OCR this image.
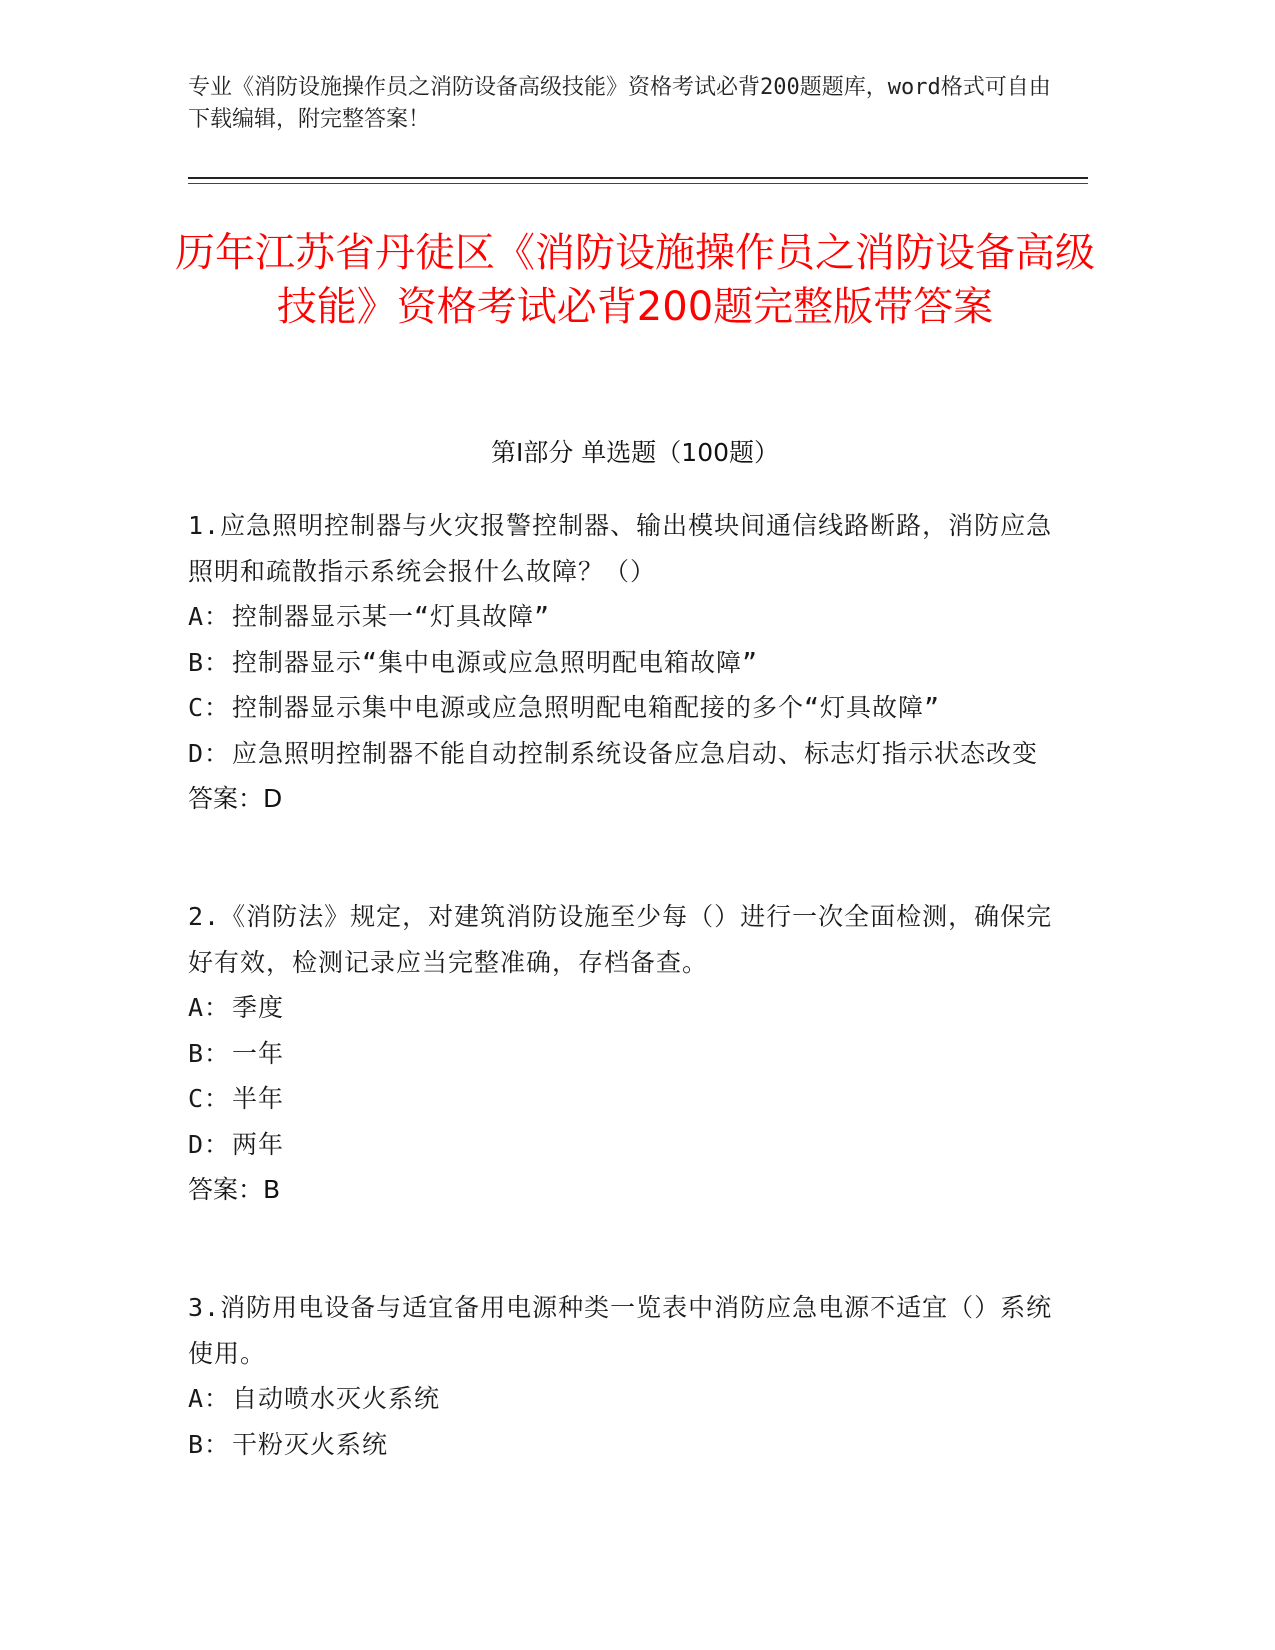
专业《消防设施操作员之消防设备高级技能》资格考试必背200题题库，word格式可自由下载编辑，附完整答案！
历年江苏省丹徒区《消防设施操作员之消防设备高级技能》资格考试必背200题完整版带答案
第Ⅰ部分 单选题（100题）
1.应急照明控制器与火灾报警控制器、输出模块间通信线路断路，消防应急照明和疏散指示系统会报什么故障？（）
A：控制器显示某一“灯具故障”
B：控制器显示“集中电源或应急照明配电箱故障”
C：控制器显示集中电源或应急照明配电箱配接的多个“灯具故障”
D：应急照明控制器不能自动控制系统设备应急启动、标志灯指示状态改变
答案：D
2.《消防法》规定，对建筑消防设施至少每（）进行一次全面检测，确保完好有效，检测记录应当完整准确，存档备查。
A：季度
B：一年
C：半年
D：两年
答案：B
3.消防用电设备与适宜备用电源种类一览表中消防应急电源不适宜（）系统使用。
A：自动喷水灭火系统
B：干粉灭火系统
